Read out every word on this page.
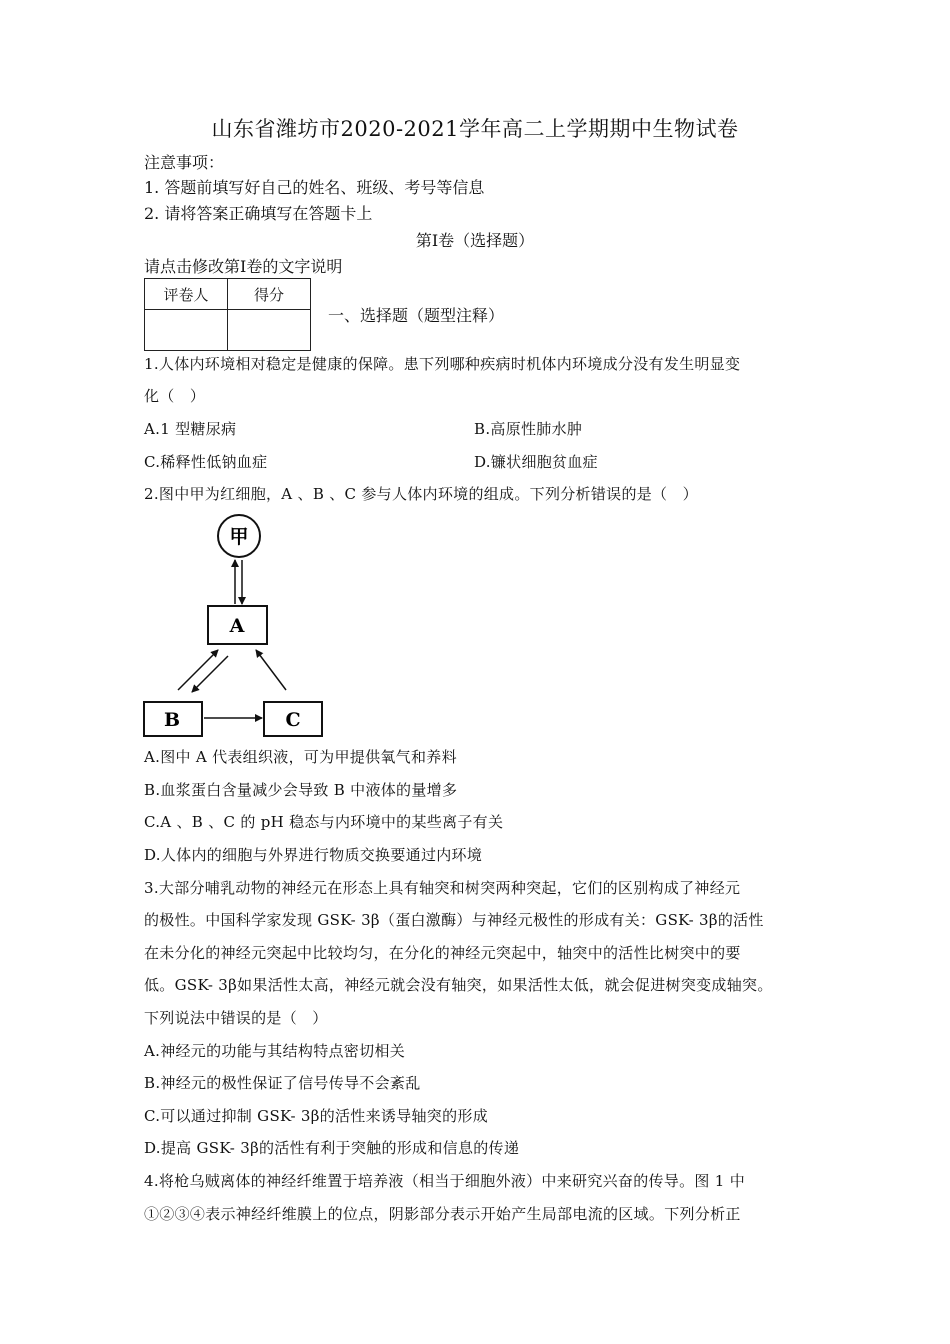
山东省潍坊市2020-2021学年高二上学期期中生物试卷
注意事项：
1. 答题前填写好自己的姓名、班级、考号等信息
2. 请将答案正确填写在答题卡上
第I卷（选择题）
请点击修改第I卷的文字说明
评卷人	得分

一、选择题（题型注释）
1.人体内环境相对稳定是健康的保障。患下列哪种疾病时机体内环境成分没有发生明显变
化（　）
A.1 型糖尿病	B.高原性肺水肿
C.稀释性低钠血症	D.镰状细胞贫血症
2.图中甲为红细胞，A 、B 、C 参与人体内环境的组成。下列分析错误的是（　）
甲
A
B	C
A.图中 A 代表组织液，可为甲提供氧气和养料
B.血浆蛋白含量减少会导致 B 中液体的量增多
C.A 、B 、C 的 pH 稳态与内环境中的某些离子有关
D.人体内的细胞与外界进行物质交换要通过内环境
3.大部分哺乳动物的神经元在形态上具有轴突和树突两种突起，它们的区别构成了神经元
的极性。中国科学家发现 GSK- 3β（蛋白激酶）与神经元极性的形成有关：GSK- 3β的活性
在未分化的神经元突起中比较均匀，在分化的神经元突起中，轴突中的活性比树突中的要
低。GSK- 3β如果活性太高，神经元就会没有轴突，如果活性太低，就会促进树突变成轴突。
下列说法中错误的是（　）
A.神经元的功能与其结构特点密切相关
B.神经元的极性保证了信号传导不会紊乱
C.可以通过抑制 GSK- 3β的活性来诱导轴突的形成
D.提高 GSK- 3β的活性有利于突触的形成和信息的传递
4.将枪乌贼离体的神经纤维置于培养液（相当于细胞外液）中来研究兴奋的传导。图 1 中
①②③④表示神经纤维膜上的位点，阴影部分表示开始产生局部电流的区域。下列分析正
